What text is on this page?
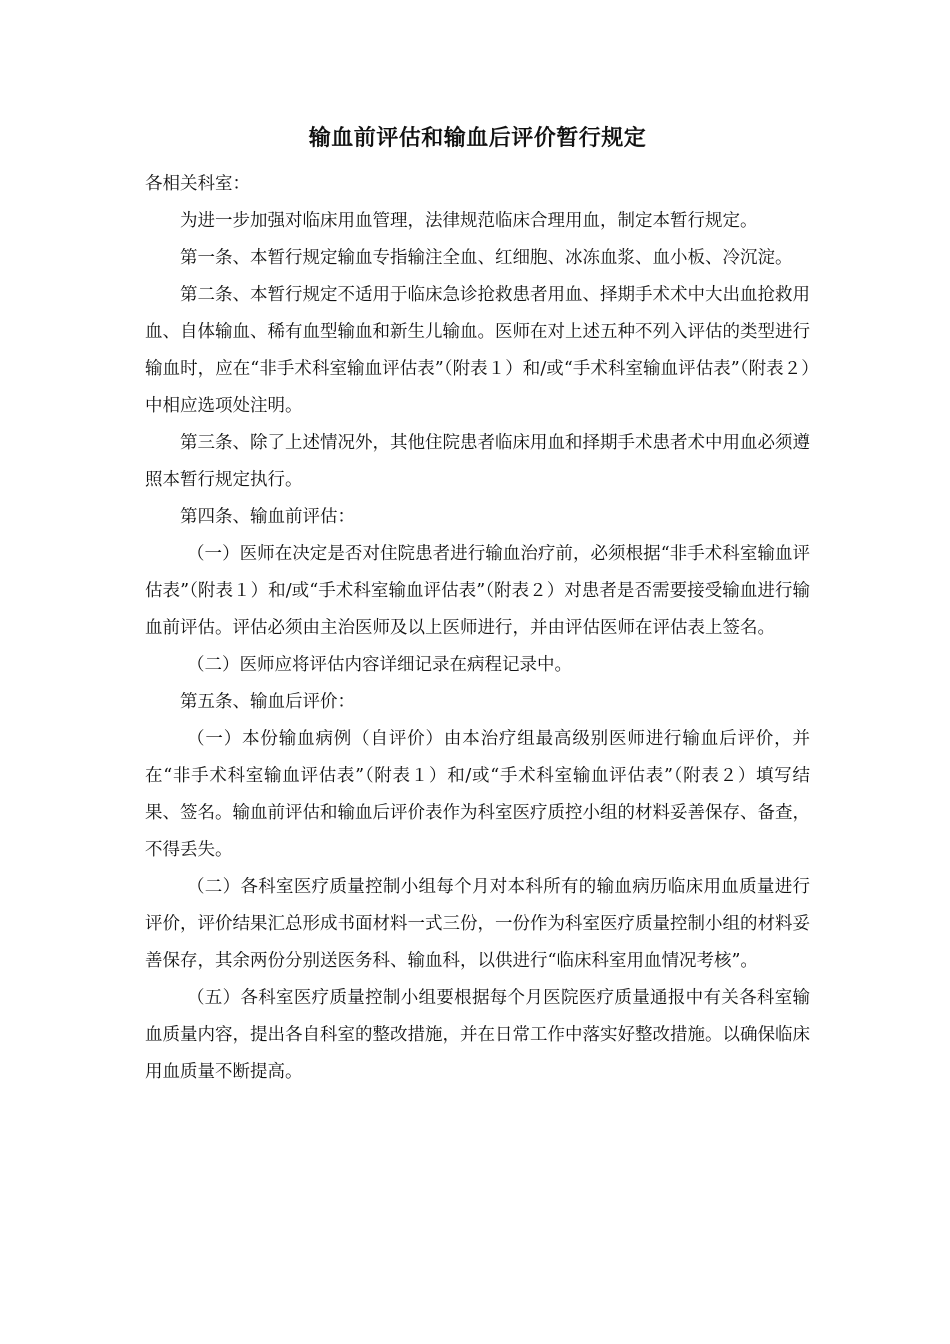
输血前评估和输血后评价暂行规定

各相关科室：

为进一步加强对临床用血管理，法律规范临床合理用血，制定本暂行规定。

第一条、本暂行规定输血专指输注全血、红细胞、冰冻血浆、血小板、冷沉淀。

第二条、本暂行规定不适用于临床急诊抢救患者用血、择期手术术中大出血抢救用血、自体输血、稀有血型输血和新生儿输血。医师在对上述五种不列入评估的类型进行输血时，应在“非手术科室输血评估表”（附表１）和/或“手术科室输血评估表”（附表２）中相应选项处注明。

第三条、除了上述情况外，其他住院患者临床用血和择期手术患者术中用血必须遵照本暂行规定执行。

第四条、输血前评估：

（一）医师在决定是否对住院患者进行输血治疗前，必须根据“非手术科室输血评估表”（附表１）和/或“手术科室输血评估表”（附表２）对患者是否需要接受输血进行输血前评估。评估必须由主治医师及以上医师进行，并由评估医师在评估表上签名。

（二）医师应将评估内容详细记录在病程记录中。

第五条、输血后评价：

（一）本份输血病例（自评价）由本治疗组最高级别医师进行输血后评价，并在“非手术科室输血评估表”（附表１）和/或“手术科室输血评估表”（附表２）填写结果、签名。输血前评估和输血后评价表作为科室医疗质控小组的材料妥善保存、备查，不得丢失。

（二）各科室医疗质量控制小组每个月对本科所有的输血病历临床用血质量进行评价，评价结果汇总形成书面材料一式三份，一份作为科室医疗质量控制小组的材料妥善保存，其余两份分别送医务科、输血科，以供进行“临床科室用血情况考核”。

（五）各科室医疗质量控制小组要根据每个月医院医疗质量通报中有关各科室输血质量内容，提出各自科室的整改措施，并在日常工作中落实好整改措施。以确保临床用血质量不断提高。
